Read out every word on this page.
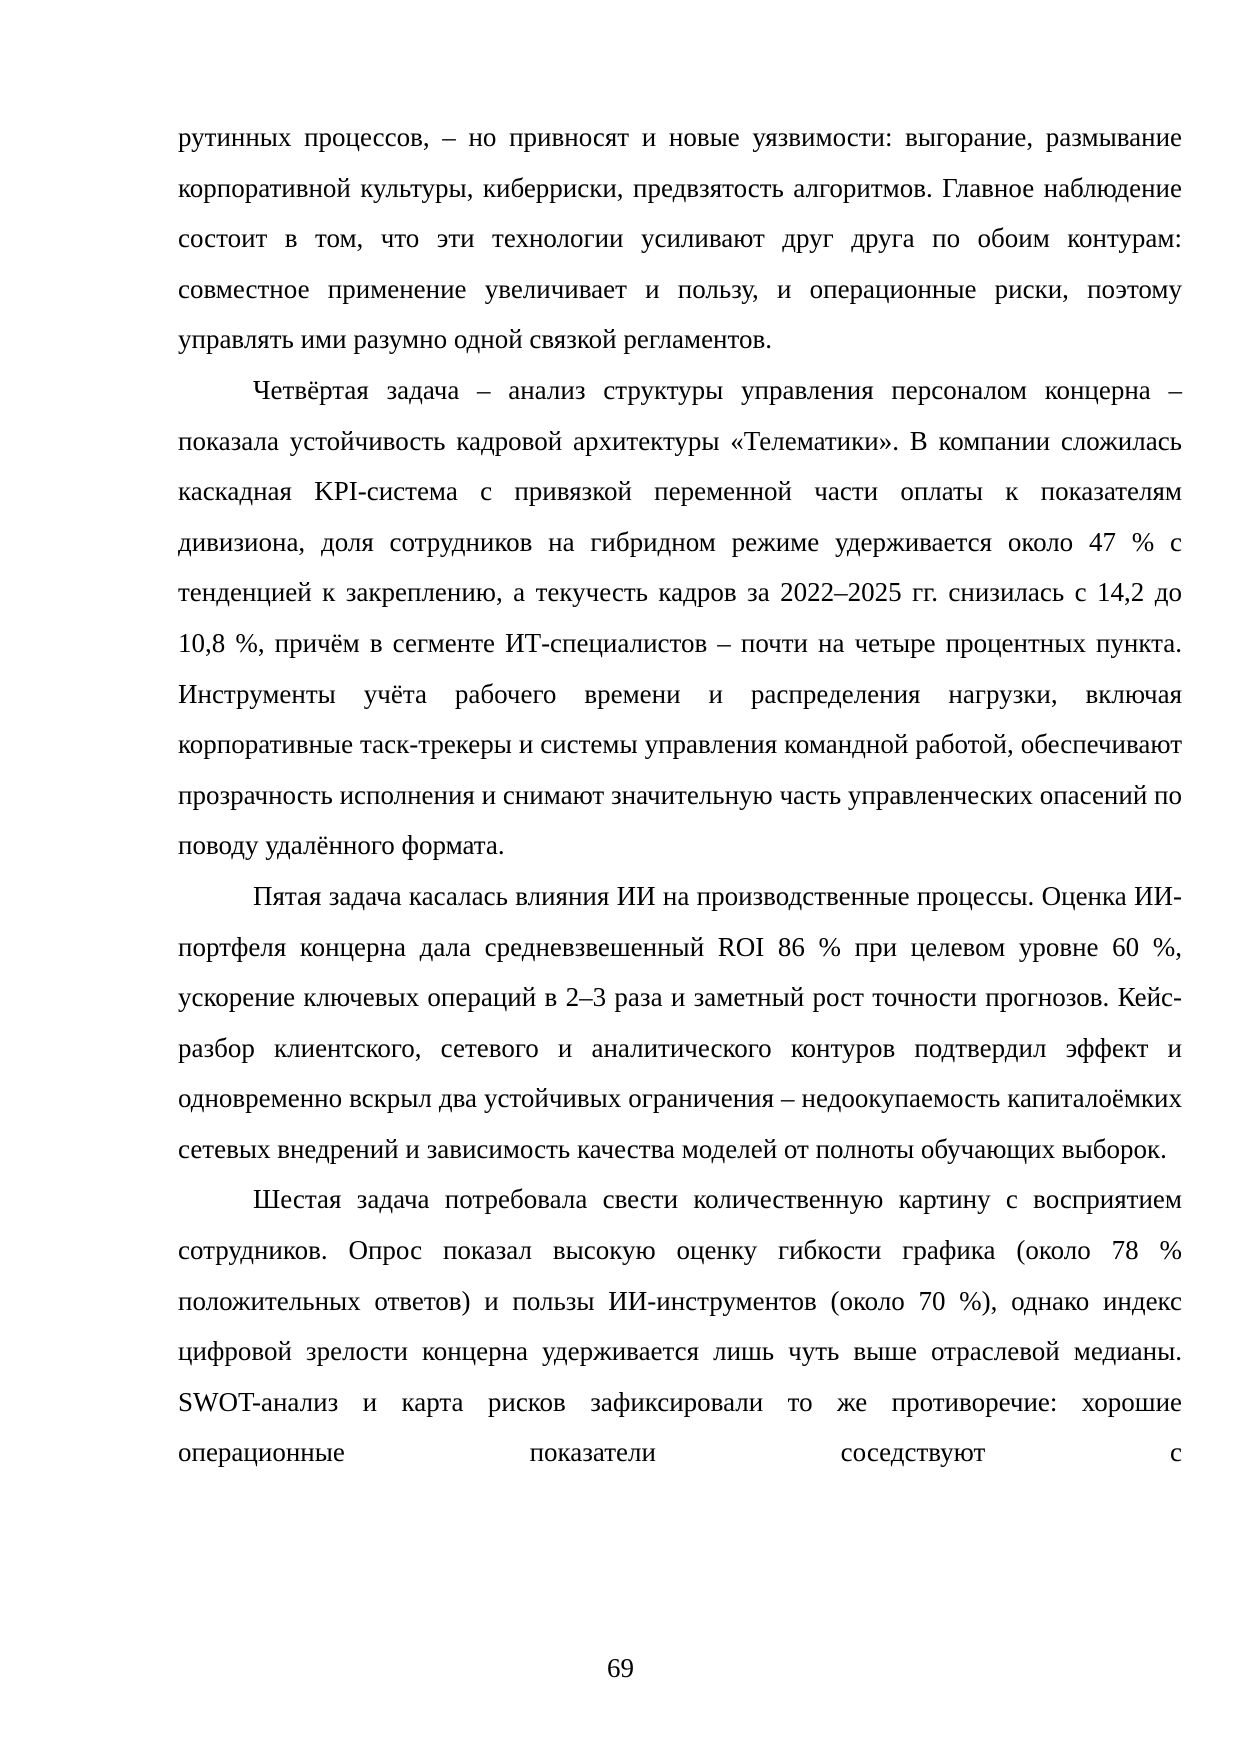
рутинных процессов, – но привносят и новые уязвимости: выгорание, размывание корпоративной культуры, киберриски, предвзятость алгоритмов. Главное наблюдение состоит в том, что эти технологии усиливают друг друга по обоим контурам: совместное применение увеличивает и пользу, и операционные риски, поэтому управлять ими разумно одной связкой регламентов.

Четвёртая задача – анализ структуры управления персоналом концерна – показала устойчивость кадровой архитектуры «Телематики». В компании сложилась каскадная KPI-система с привязкой переменной части оплаты к показателям дивизиона, доля сотрудников на гибридном режиме удерживается около 47 % с тенденцией к закреплению, а текучесть кадров за 2022–2025 гг. снизилась с 14,2 до 10,8 %, причём в сегменте ИТ-специалистов – почти на четыре процентных пункта. Инструменты учёта рабочего времени и распределения нагрузки, включая корпоративные таск-трекеры и системы управления командной работой, обеспечивают прозрачность исполнения и снимают значительную часть управленческих опасений по поводу удалённого формата.

Пятая задача касалась влияния ИИ на производственные процессы. Оценка ИИ-портфеля концерна дала средневзвешенный ROI 86 % при целевом уровне 60 %, ускорение ключевых операций в 2–3 раза и заметный рост точности прогнозов. Кейс-разбор клиентского, сетевого и аналитического контуров подтвердил эффект и одновременно вскрыл два устойчивых ограничения – недоокупаемость капиталоёмких сетевых внедрений и зависимость качества моделей от полноты обучающих выборок.

Шестая задача потребовала свести количественную картину с восприятием сотрудников. Опрос показал высокую оценку гибкости графика (около 78 % положительных ответов) и пользы ИИ-инструментов (около 70 %), однако индекс цифровой зрелости концерна удерживается лишь чуть выше отраслевой медианы. SWOT-анализ и карта рисков зафиксировали то же противоречие: хорошие операционные показатели соседствуют с

69
